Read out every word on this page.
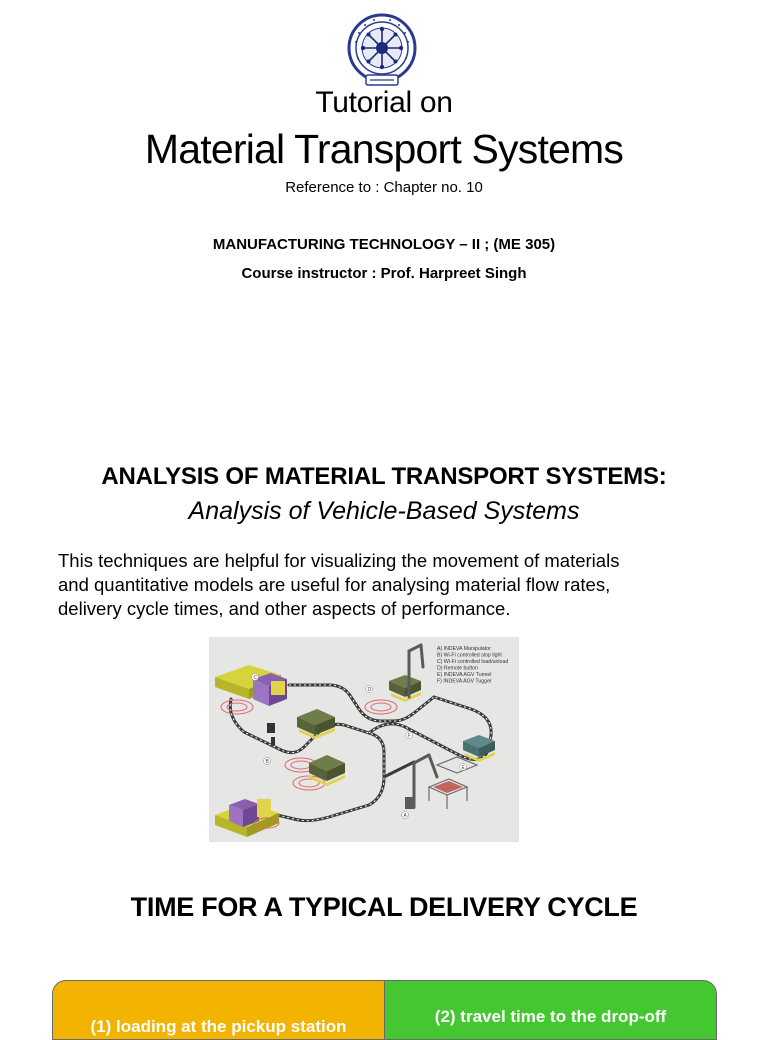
Tutorial on
Material Transport Systems
Reference to : Chapter no. 10
MANUFACTURING TECHNOLOGY – II ; (ME 305)
Course instructor : Prof. Harpreet Singh
ANALYSIS OF MATERIAL TRANSPORT SYSTEMS:
Analysis of Vehicle-Based Systems
This techniques are helpful for visualizing the movement of materials
and quantitative models are useful for analysing material flow rates,
delivery cycle times, and other aspects of performance.
C
D
B
A
E
F
A) INDEVA Manipulator
B) Wi-Fi controlled stop light
C) Wi-Fi controlled load/unload
D) Remote button
E) INDEVA AGV Tunnel
F) INDEVA AGV Tugger
TIME FOR A TYPICAL DELIVERY CYCLE
(1) loading at the pickup station
(2) travel time to the drop-off
